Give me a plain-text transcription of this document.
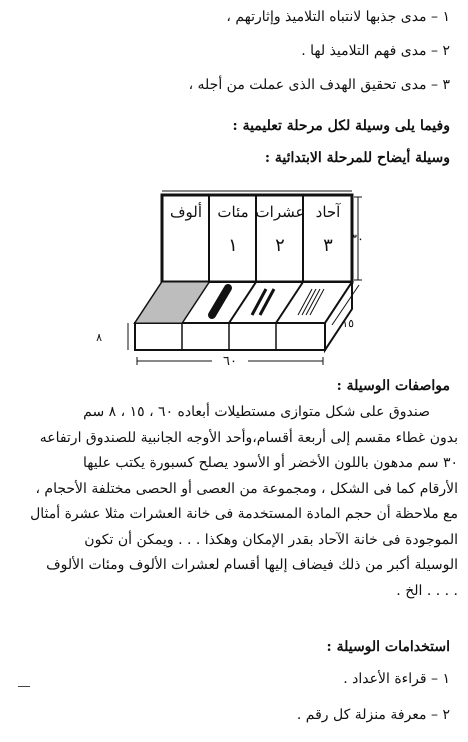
١ – مدى جذبها لانتباه التلاميذ وإثارتهم ،
٢ – مدى فهم التلاميذ لها .
٣ – مدى تحقيق الهدف الذى عملت من أجله ،
وفيما يلى وسيلة لكل مرحلة تعليمية :
وسيلة أيضاح للمرحلة الابتدائية :
آحاد
عشرات
مئات
ألوف
٣
٢
١	٣٠
١٥
٨
٦٠
مواصفات الوسيلة :
صندوق على شكل متوازى مستطيلات أبعاده ٦٠ ، ١٥ ، ٨ سم
بدون غطاء مقسم إلى أربعة أقسام،وأحد الأوجه الجانبية للصندوق ارتفاعه
٣٠ سم مدهون باللون الأخضر أو الأسود يصلح كسبورة يكتب عليها
الأرقام كما فى الشكل ، ومجموعة من العصى أو الحصى مختلفة الأحجام ،
مع ملاحظة أن حجم المادة المستخدمة فى خانة العشرات مثلا عشرة أمثال
الموجودة فى خانة الآحاد بقدر الإمكان وهكذا . . . ويمكن أن تكون
الوسيلة أكبر من ذلك فيضاف إليها أقسام لعشرات الألوف ومئات الألوف
. . . . الخ .
استخدامات الوسيلة :
١ – قراءة الأعداد .
٢ – معرفة منزلة كل رقم .
